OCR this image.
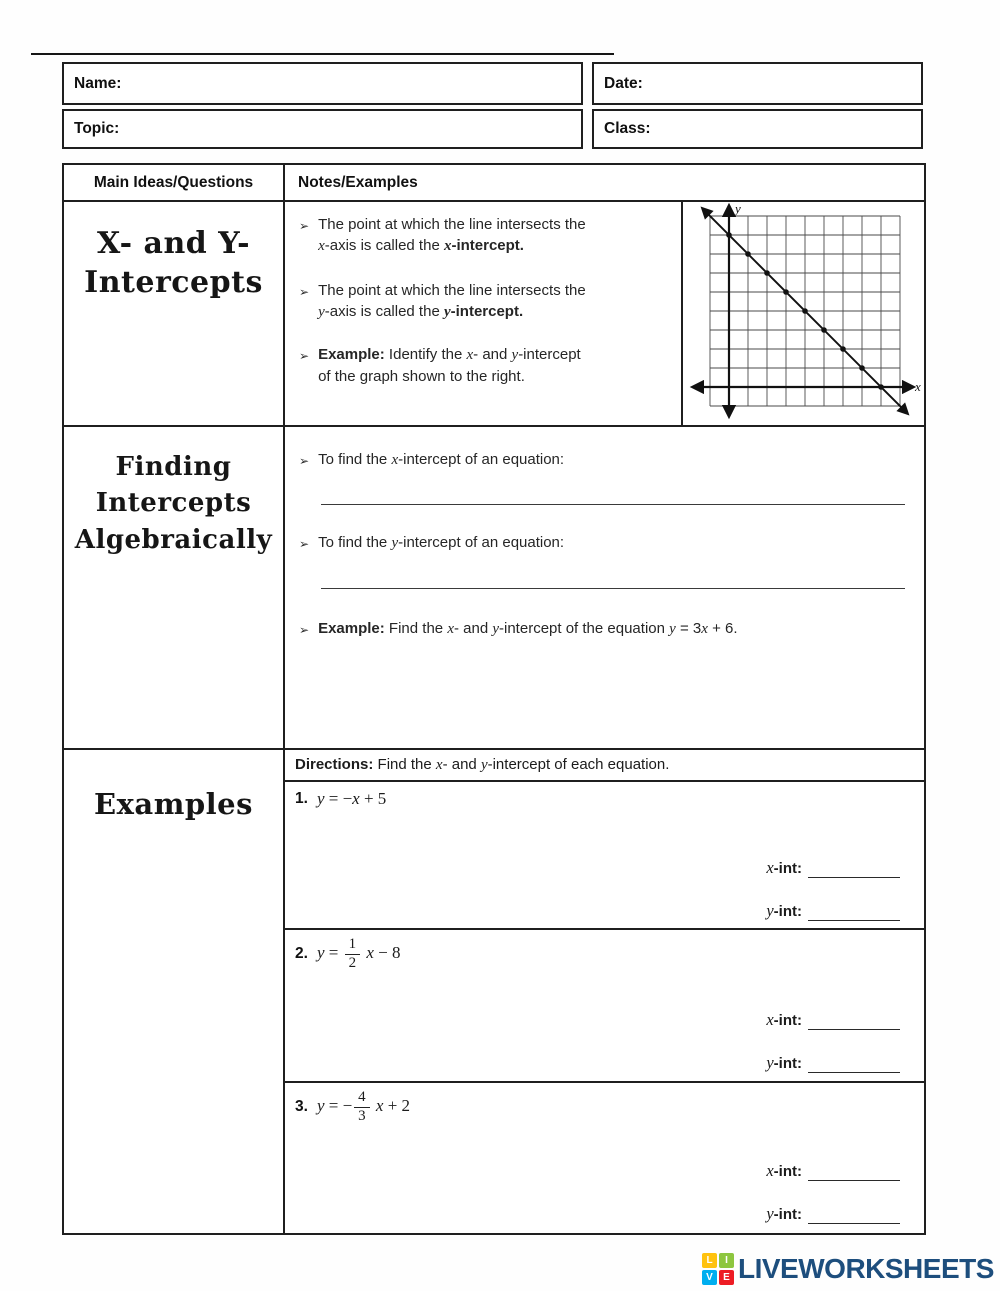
Name:	Date:
Topic:	Class:
Main Ideas/Questions	Notes/Examples
X- and Y-
Intercepts
➢ The point at which the line intersects the
x-axis is called the x-intercept.
➢ The point at which the line intersects the
y-axis is called the y-intercept.
➢ Example: Identify the x- and y-intercept
of the graph shown to the right.
y
x
Finding
Intercepts
Algebraically
➢ To find the x-intercept of an equation:
➢ To find the y-intercept of an equation:
➢ Example: Find the x- and y-intercept of the equation y = 3x + 6.
Examples
Directions: Find the x- and y-intercept of each equation.
1. y = −x + 5
x-int:
y-int:
2. $y = \frac{1}{2}$ x − 8
x-int:
y-int:
3. y = − $\frac{4}{3}$ x + 2
x-int:
y-int:
L	I
V	E LIVEWORKSHEETS
